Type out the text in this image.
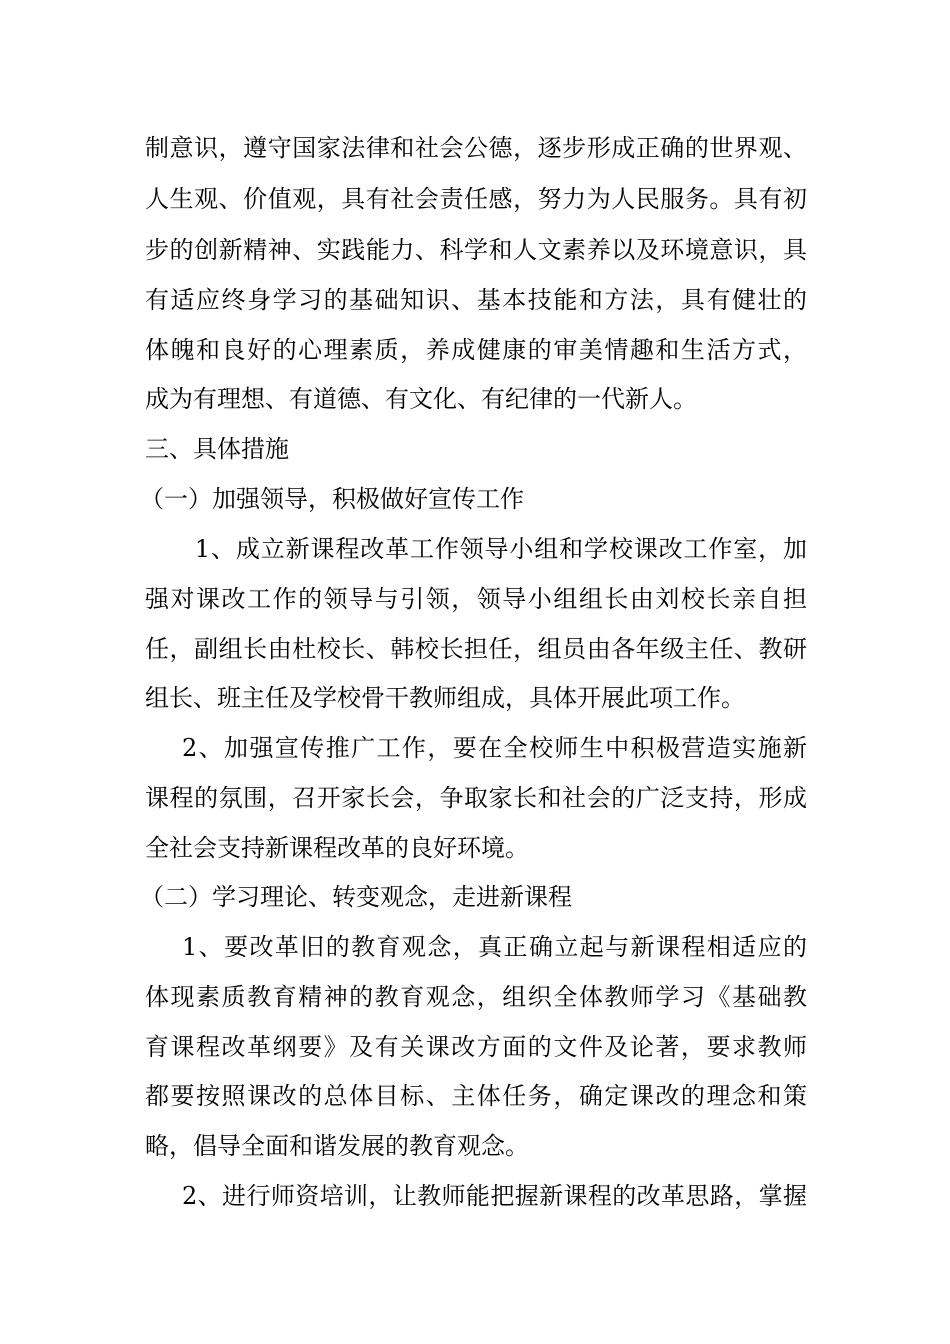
制意识，遵守国家法律和社会公德，逐步形成正确的世界观、
人生观、价值观，具有社会责任感，努力为人民服务。具有初
步的创新精神、实践能力、科学和人文素养以及环境意识，具
有适应终身学习的基础知识、基本技能和方法，具有健壮的
体魄和良好的心理素质，养成健康的审美情趣和生活方式，
成为有理想、有道德、有文化、有纪律的一代新人。
三、具体措施
（一）加强领导，积极做好宣传工作
　1、成立新课程改革工作领导小组和学校课改工作室，加
强对课改工作的领导与引领，领导小组组长由刘校长亲自担
任，副组长由杜校长、韩校长担任，组员由各年级主任、教研
组长、班主任及学校骨干教师组成，具体开展此项工作。
2、加强宣传推广工作，要在全校师生中积极营造实施新
课程的氛围，召开家长会，争取家长和社会的广泛支持，形成
全社会支持新课程改革的良好环境。
（二）学习理论、转变观念，走进新课程
1、要改革旧的教育观念，真正确立起与新课程相适应的
体现素质教育精神的教育观念，组织全体教师学习《基础教
育课程改革纲要》及有关课改方面的文件及论著，要求教师
都要按照课改的总体目标、主体任务，确定课改的理念和策
略，倡导全面和谐发展的教育观念。
2、进行师资培训，让教师能把握新课程的改革思路，掌握
